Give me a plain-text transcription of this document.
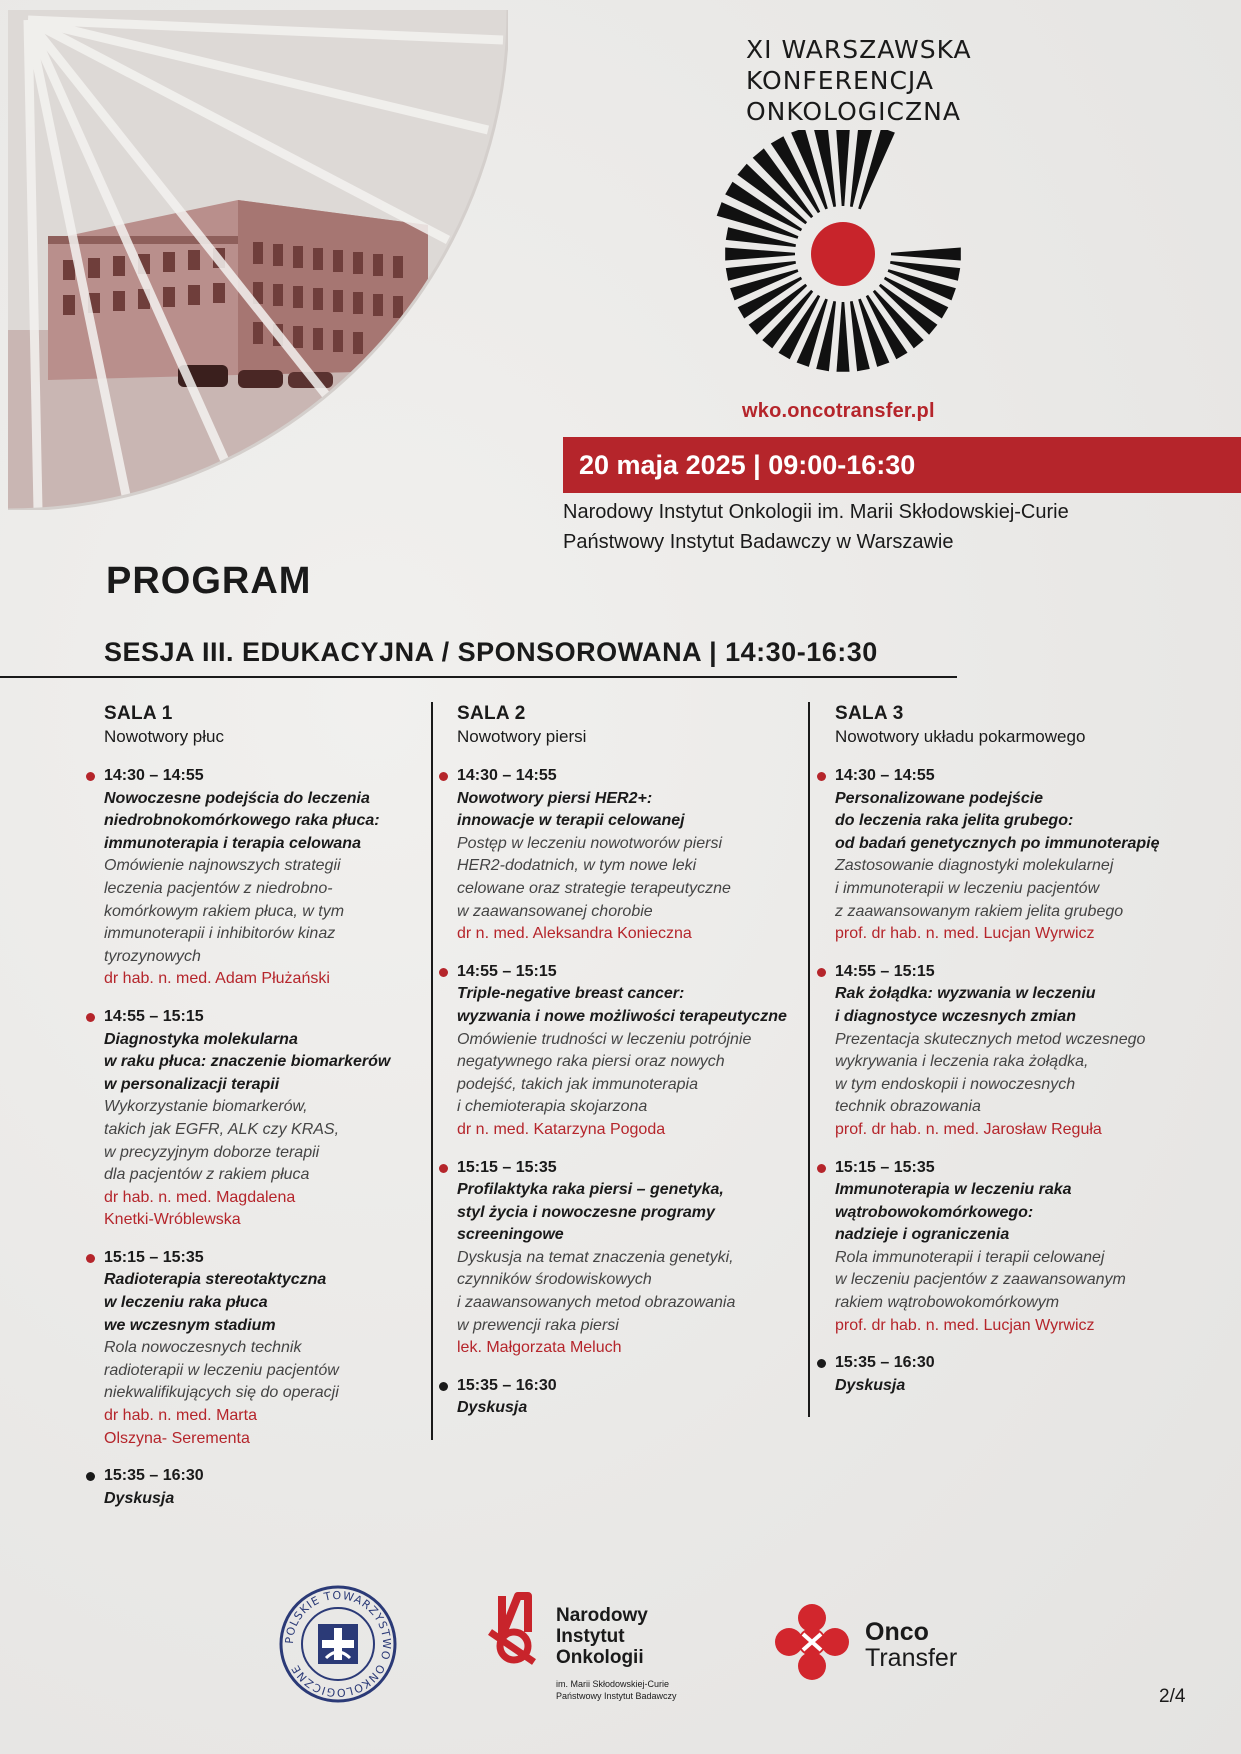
XI WARSZAWSKA
KONFERENCJA
ONKOLOGICZNA
wko.oncotransfer.pl
20 maja 2025 | 09:00-16:30
Narodowy Instytut Onkologii im. Marii Skłodowskiej-Curie
Państwowy Instytut Badawczy w Warszawie
PROGRAM
SESJA III. EDUKACYJNA / SPONSOROWANA | 14:30-16:30
SALA 1
Nowotwory płuc
14:30 – 14:55
Nowoczesne podejścia do leczenia
niedrobnokomórkowego raka płuca:
immunoterapia i terapia celowana
Omówienie najnowszych strategii
leczenia pacjentów z niedrobno-
komórkowym rakiem płuca, w tym
immunoterapii i inhibitorów kinaz
tyrozynowych
dr hab. n. med. Adam Płużański
14:55 – 15:15
Diagnostyka molekularna
w raku płuca: znaczenie biomarkerów
w personalizacji terapii
Wykorzystanie biomarkerów,
takich jak EGFR, ALK czy KRAS,
w precyzyjnym doborze terapii
dla pacjentów z rakiem płuca
dr hab. n. med. Magdalena
Knetki-Wróblewska
15:15 – 15:35
Radioterapia stereotaktyczna
w leczeniu raka płuca
we wczesnym stadium
Rola nowoczesnych technik
radioterapii w leczeniu pacjentów
niekwalifikujących się do operacji
dr hab. n. med. Marta
Olszyna- Serementa
15:35 – 16:30
Dyskusja
SALA 2
Nowotwory piersi
14:30 – 14:55
Nowotwory piersi HER2+:
innowacje w terapii celowanej
Postęp w leczeniu nowotworów piersi
HER2-dodatnich, w tym nowe leki
celowane oraz strategie terapeutyczne
w zaawansowanej chorobie
dr n. med. Aleksandra Konieczna
14:55 – 15:15
Triple-negative breast cancer:
wyzwania i nowe możliwości terapeutyczne
Omówienie trudności w leczeniu potrójnie
negatywnego raka piersi oraz nowych
podejść, takich jak immunoterapia
i chemioterapia skojarzona
dr n. med. Katarzyna Pogoda
15:15 – 15:35
Profilaktyka raka piersi – genetyka,
styl życia i nowoczesne programy
screeningowe
Dyskusja na temat znaczenia genetyki,
czynników środowiskowych
i zaawansowanych metod obrazowania
w prewencji raka piersi
lek. Małgorzata Meluch
15:35 – 16:30
Dyskusja
SALA 3
Nowotwory układu pokarmowego
14:30 – 14:55
Personalizowane podejście
do leczenia raka jelita grubego:
od badań genetycznych po immunoterapię
Zastosowanie diagnostyki molekularnej
i immunoterapii w leczeniu pacjentów
z zaawansowanym rakiem jelita grubego
prof. dr hab. n. med. Lucjan Wyrwicz
14:55 – 15:15
Rak żołądka: wyzwania w leczeniu
i diagnostyce wczesnych zmian
Prezentacja skutecznych metod wczesnego
wykrywania i leczenia raka żołądka,
w tym endoskopii i nowoczesnych
technik obrazowania
prof. dr hab. n. med. Jarosław Reguła
15:15 – 15:35
Immunoterapia w leczeniu raka
wątrobowokomórkowego:
nadzieje i ograniczenia
Rola immunoterapii i terapii celowanej
w leczeniu pacjentów z zaawansowanym
rakiem wątrobowokomórkowym
prof. dr hab. n. med. Lucjan Wyrwicz
15:35 – 16:30
Dyskusja
POLSKIE TOWARZYSTWO ONKOLOGICZNE
Narodowy
Instytut
Onkologii
im. Marii Skłodowskiej-Curie
Państwowy Instytut Badawczy
Onco
Transfer
2/4
